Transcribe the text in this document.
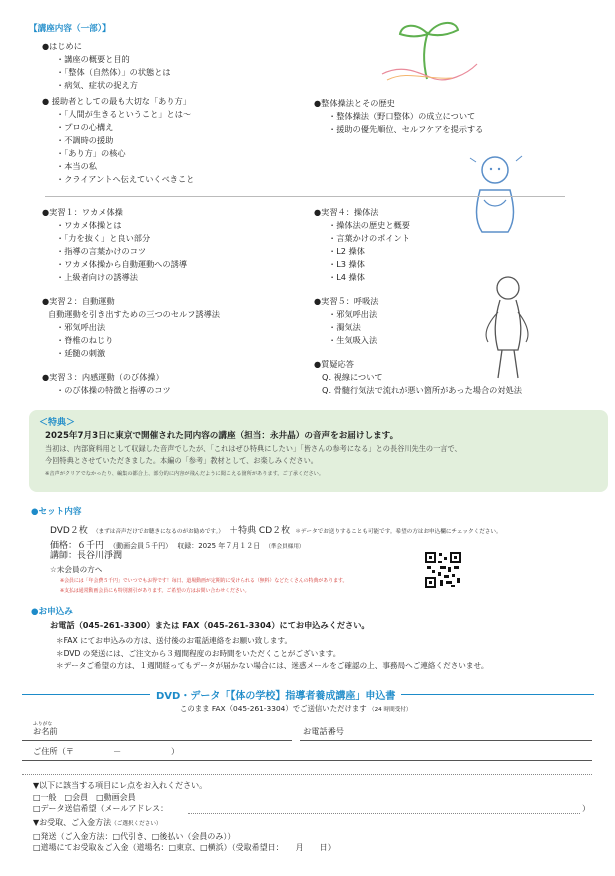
【講座内容（一部）】
●はじめに
・講座の概要と目的
・「整体（自然体）」の状態とは
・病気、症状の捉え方
● 援助者としての最も大切な「あり方」
・「人間が生きるということ」とは〜
・プロの心構え
・不調時の援助
・「あり方」の核心
・本当の私
・クライアントへ伝えていくべきこと
●実習１：ワカメ体操
・ワカメ体操とは
・「力を抜く」と良い部分
・指導の言葉かけのコツ
・ワカメ体操から自動運動への誘導
・上級者向けの誘導法
●実習２：自動運動
自動運動を引き出すための三つのセルフ誘導法
・邪気呼出法
・脊椎のねじり
・延髄の刺激
●実習３：内感運動（のび体操）
・のび体操の特徴と指導のコツ
●整体操法とその歴史
・整体操法（野口整体）の成立について
・援助の優先順位、セルフケアを提示する
●実習４：操体法
・操体法の歴史と概要
・言葉かけのポイント
・L2 操体
・L3 操体
・L4 操体
●実習５：呼吸法
・邪気呼出法
・濁気法
・生気吸入法
●質疑応答
Q. 視線について
Q. 骨髄行気法で流れが悪い箇所があった場合の対処法
＜特典＞
2025年7月3日に東京で開催された同内容の講座（担当：永井晶）の音声をお届けします。
当初は、内部資料用として収録した音声でしたが、「これはぜひ特典にしたい」「皆さんの参考になる」との長谷川先生の一言で、
今回特典とさせていただきました。本編の「参考」教材として、お楽しみください。
※音声がクリアでなかったり、編集の都合上、部分的に内容が飛んだように聞こえる箇所があります。ご了承ください。
●セット内容
DVD２枚 （まずは音声だけでお聴きになるのがお勧めです。） ＋特典 CD２枚 ＊データでお送りすることも可能です。希望の方はお申込欄にチェックください。
価格：６千円 （動画会員５千円） 収録：2025 年７月１２日 （準会員様用）
講師：長谷川淨潤
☆未会員の方へ
※会員には「年会費５千円」でいつでもお得です！毎日、道場動画が定期的に受けられる（無料）などたくさんの特典があります。
※支払は通常動画会員にも特別割引があります。ご希望の方はお問い合わせください。
●お申込み
お電話（045-261-3300）または FAX（045-261-3304）にてお申込みください。
＊FAX にてお申込みの方は、送付後のお電話連絡をお願い致します。
＊DVD の発送には、ご注文から３週間程度のお時間をいただくことがございます。
＊データご希望の方は、１週間経ってもデータが届かない場合には、迷惑メールをご確認の上、事務局へご連絡くださいませ。
DVD・データ「【体の学校】指導者養成講座」申込書
このまま FAX（045-261-3304）でご送信いただけます （24 時間受付）
ふりがな
お名前	お電話番号
ご住所（〒	－	）
▼以下に該当する項目にレ点をお入れください。
□一般　□会員　□動画会員
□データ送信希望（メールアドレス：	）
▼お受取、ご入金方法（ご選択ください）
□発送（ご入金方法：□代引き、□後払い（会員のみ））
□道場にてお受取＆ご入金（道場名：□東京、□横浜）（受取希望日：　　月　　日）
